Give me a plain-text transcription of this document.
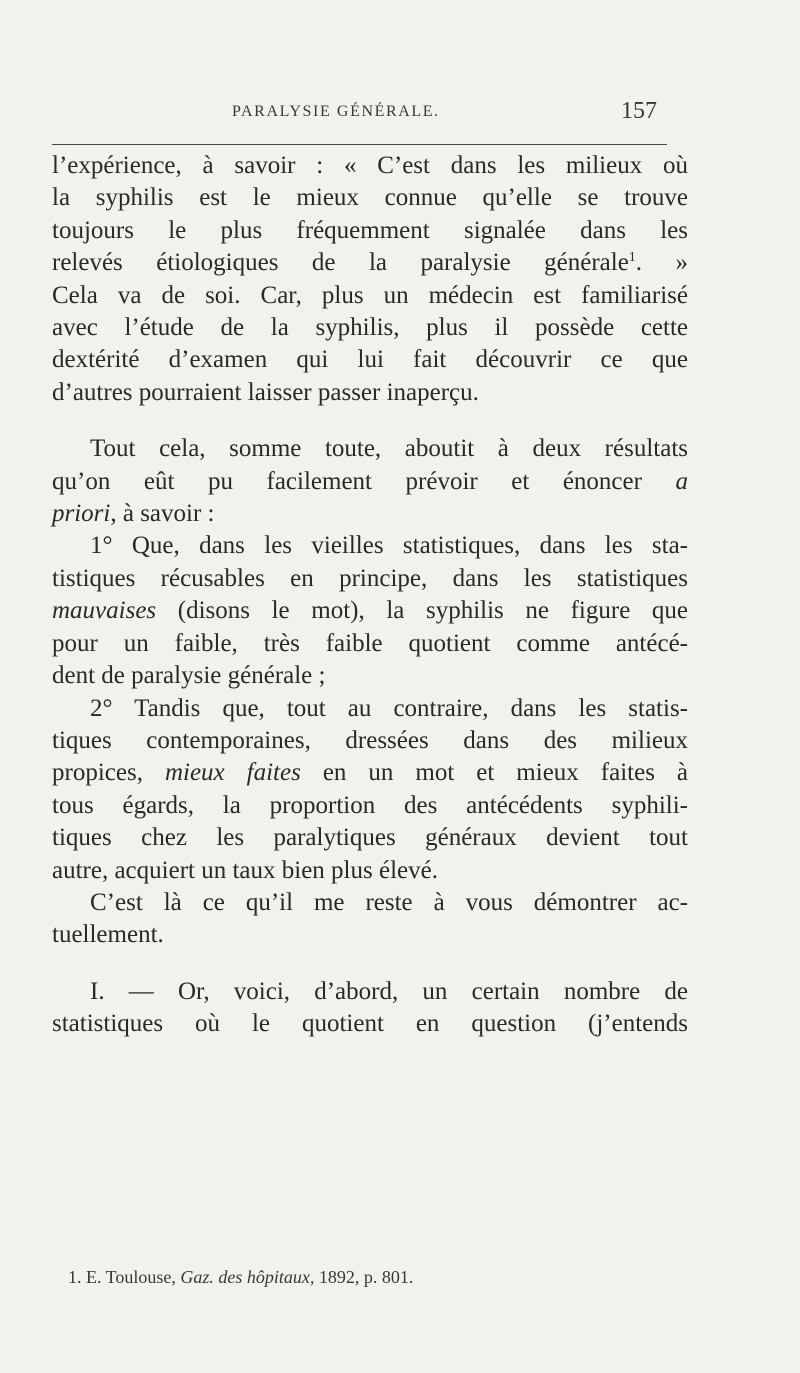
PARALYSIE GÉNÉRALE.	157
l’expérience, à savoir : « C’est dans les milieux où
la syphilis est le mieux connue qu’elle se trouve
toujours le plus fréquemment signalée dans les
relevés étiologiques de la paralysie générale$^1$. »
Cela va de soi. Car, plus un médecin est familiarisé
avec l’étude de la syphilis, plus il possède cette
dextérité d’examen qui lui fait découvrir ce que
d’autres pourraient laisser passer inaperçu.
Tout cela, somme toute, aboutit à deux résultats
qu’on eût pu facilement prévoir et énoncer a
priori, à savoir :
1° Que, dans les vieilles statistiques, dans les sta-
tistiques récusables en principe, dans les statistiques
mauvaises (disons le mot), la syphilis ne figure que
pour un faible, très faible quotient comme antécé-
dent de paralysie générale ;
2° Tandis que, tout au contraire, dans les statis-
tiques contemporaines, dressées dans des milieux
propices, mieux faites en un mot et mieux faites à
tous égards, la proportion des antécédents syphili-
tiques chez les paralytiques généraux devient tout
autre, acquiert un taux bien plus élevé.
C’est là ce qu’il me reste à vous démontrer ac-
tuellement.
I. — Or, voici, d’abord, un certain nombre de
statistiques où le quotient en question (j’entends
1. E. Toulouse, Gaz. des hôpitaux, 1892, p. 801.
